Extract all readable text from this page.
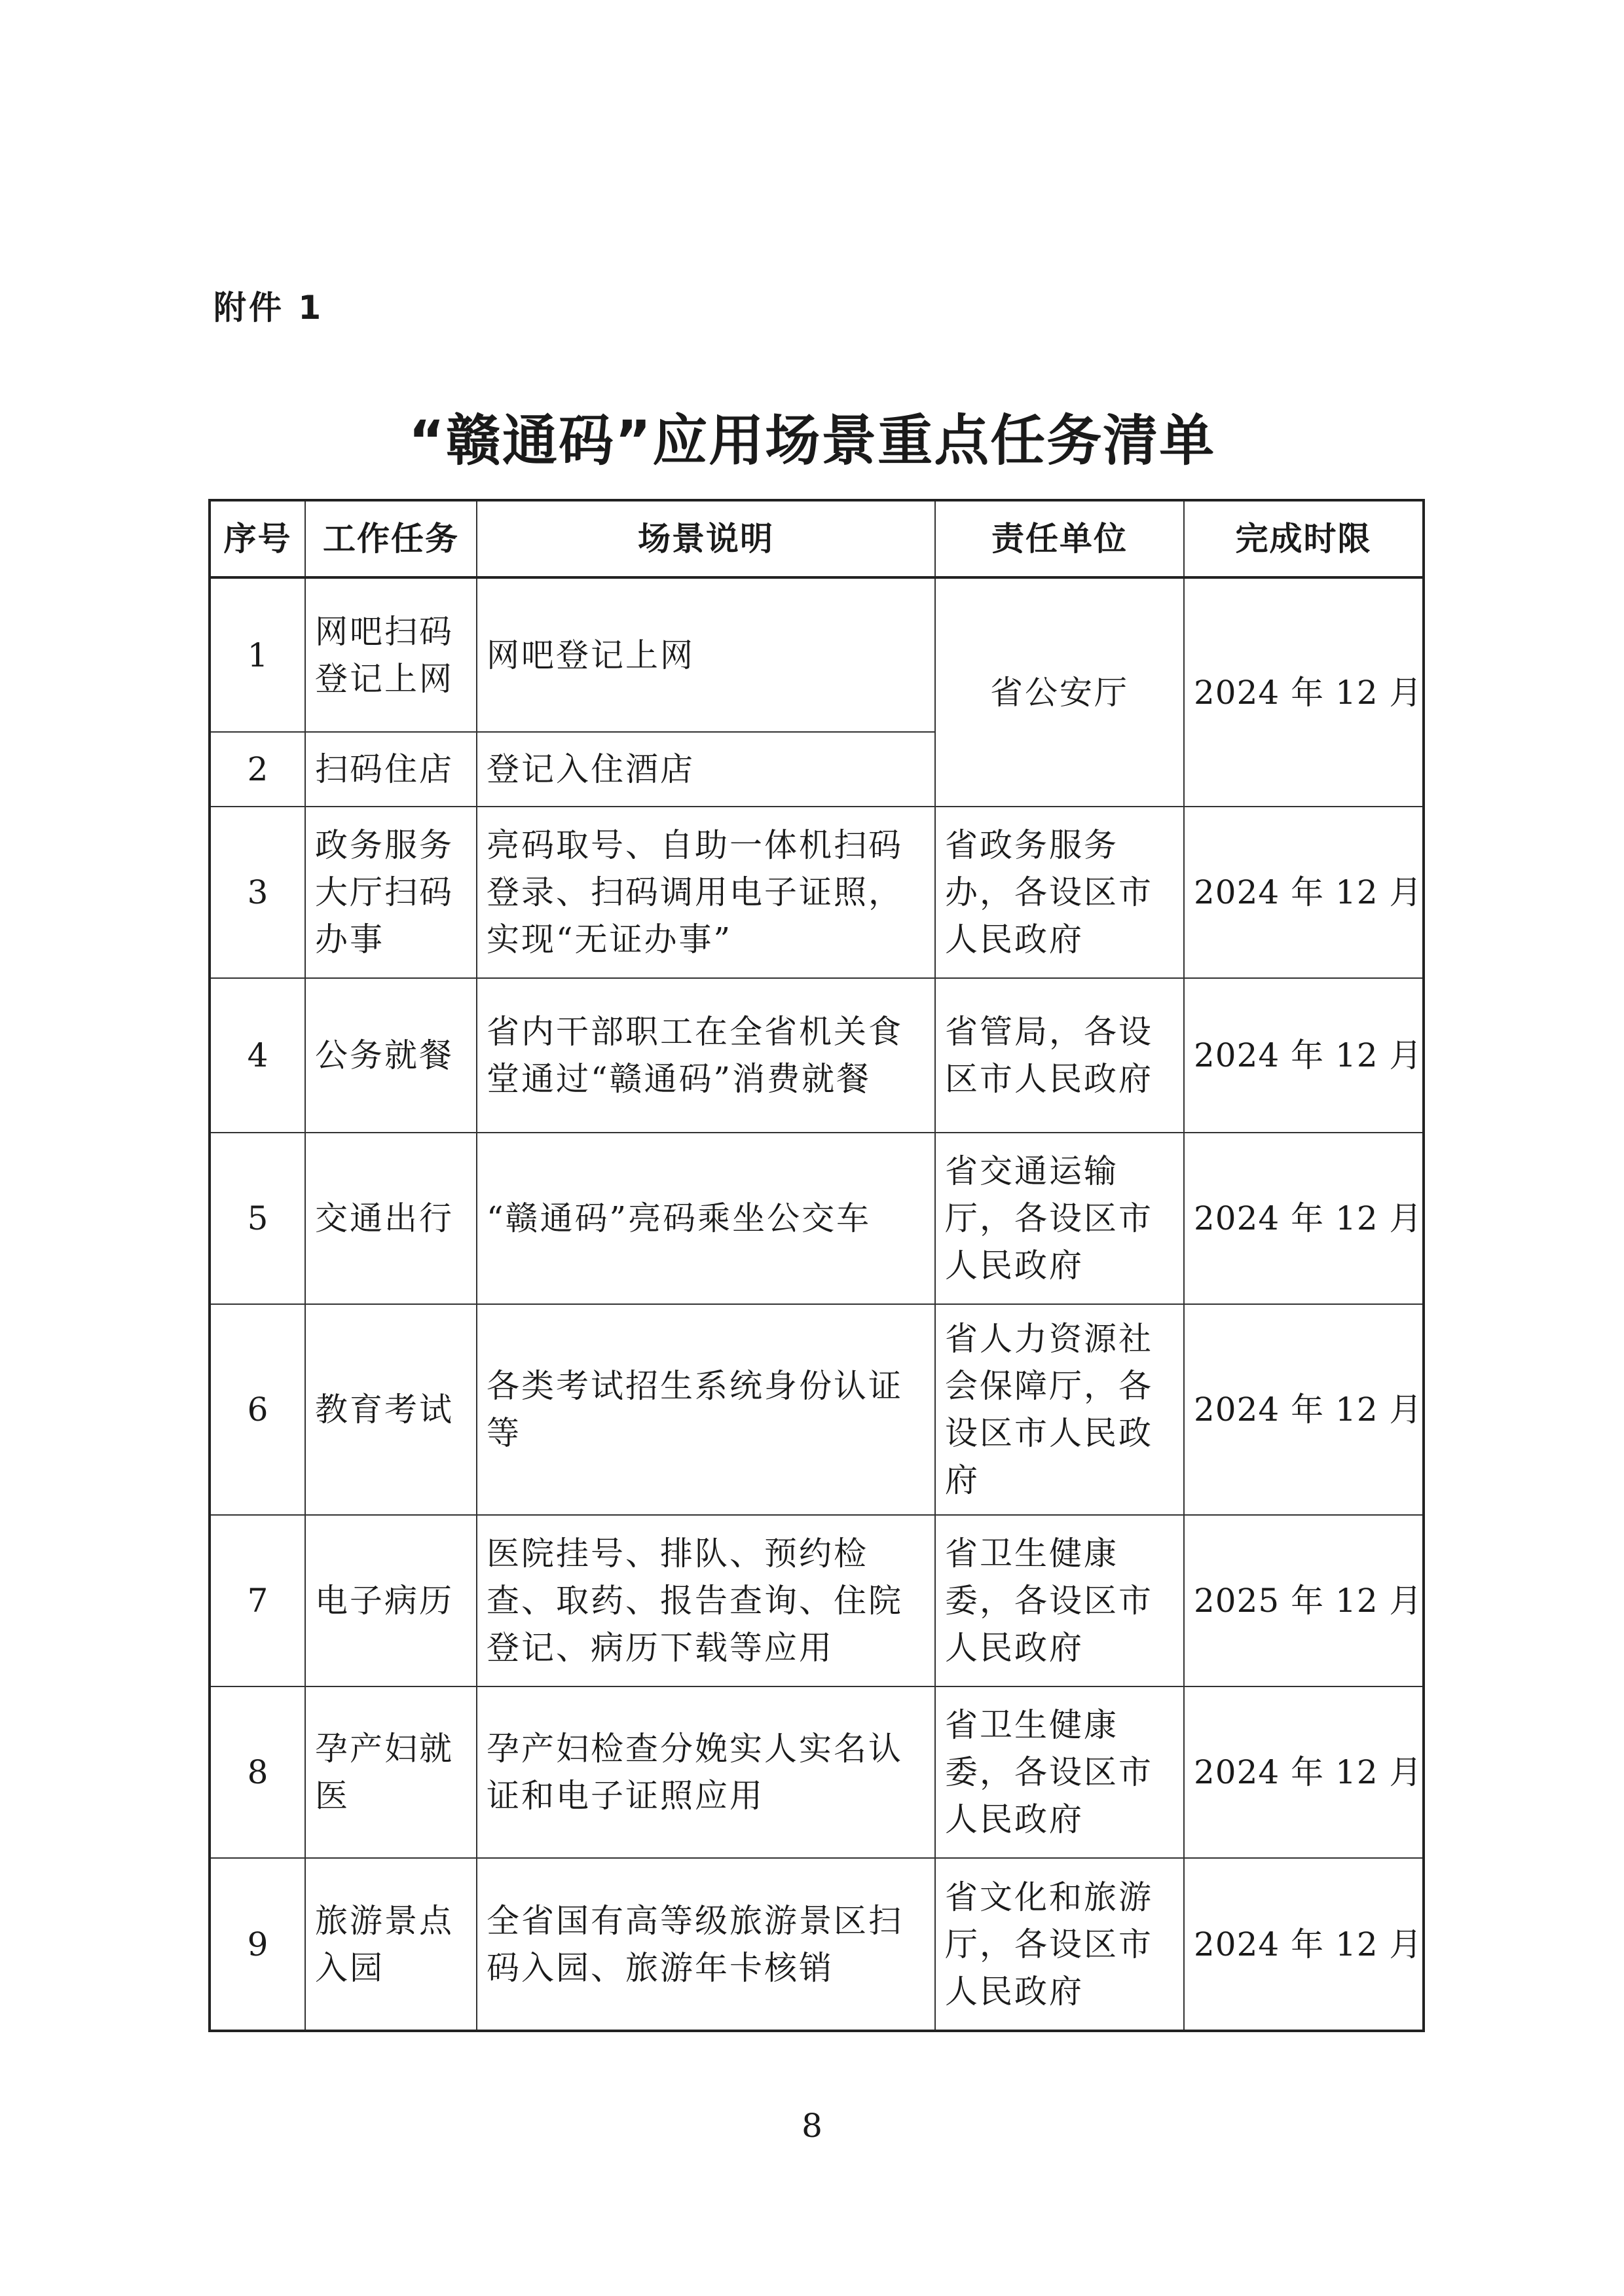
附件 1
“赣通码”应用场景重点任务清单
序号	工作任务	场景说明	责任单位	完成时限
1	网吧扫码登记上网	网吧登记上网	省公安厅	2024 年 12 月
2	扫码住店	登记入住酒店		
3	政务服务大厅扫码办事	亮码取号、自助一体机扫码登录、扫码调用电子证照，实现“无证办事”	省政务服务办，各设区市人民政府	2024 年 12 月
4	公务就餐	省内干部职工在全省机关食堂通过“赣通码”消费就餐	省管局，各设区市人民政府	2024 年 12 月
5	交通出行	“赣通码”亮码乘坐公交车	省交通运输厅，各设区市人民政府	2024 年 12 月
6	教育考试	各类考试招生系统身份认证等	省人力资源社会保障厅，各设区市人民政府	2024 年 12 月
7	电子病历	医院挂号、排队、预约检查、取药、报告查询、住院登记、病历下载等应用	省卫生健康委，各设区市人民政府	2025 年 12 月
8	孕产妇就医	孕产妇检查分娩实人实名认证和电子证照应用	省卫生健康委，各设区市人民政府	2024 年 12 月
9	旅游景点入园	全省国有高等级旅游景区扫码入园、旅游年卡核销	省文化和旅游厅，各设区市人民政府	2024 年 12 月
8
